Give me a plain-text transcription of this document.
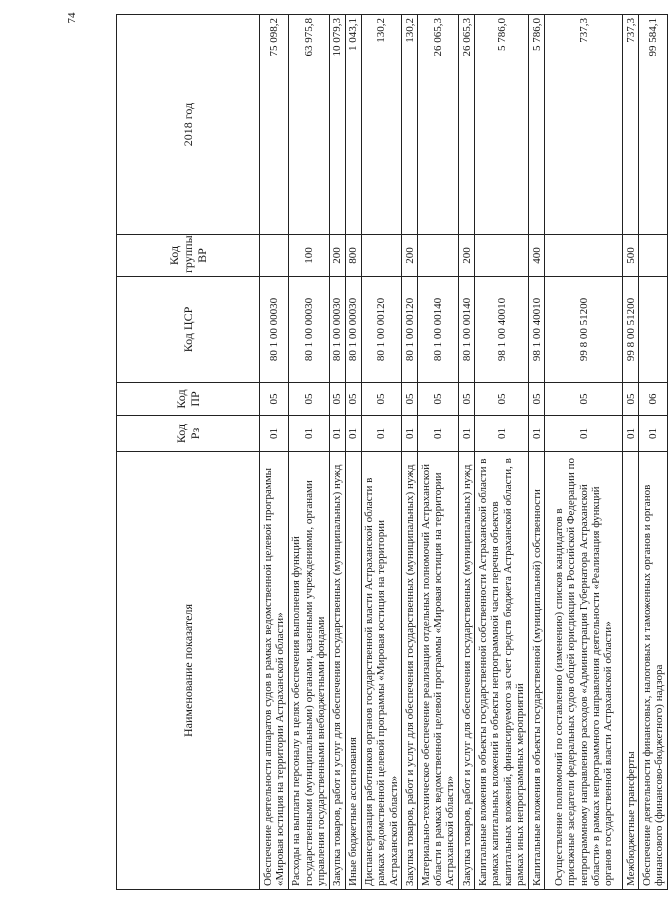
74
Наименование показателя	Код Рз	Код ПР	Код ЦСР	Код группы ВР	2018 год
Обеспечение деятельности аппаратов судов в рамках ведомственной целевой программы «Мировая юстиция на территории Астраханской области»	01	05	80 1 00 00030		75 098,2
Расходы на выплаты персоналу в целях обеспечения выполнения функций государственными (муниципальными) органами, казенными учреждениями, органами управления государственными внебюджетными фондами	01	05	80 1 00 00030	100	63 975,8
Закупка товаров, работ и услуг для обеспечения государственных (муниципальных) нужд	01	05	80 1 00 00030	200	10 079,3
Иные бюджетные ассигнования	01	05	80 1 00 00030	800	1 043,1
Диспансеризация работников органов государственной власти Астраханской области в рамках ведомственной целевой программы «Мировая юстиция на территории Астраханской области»	01	05	80 1 00 00120		130,2
Закупка товаров, работ и услуг для обеспечения государственных (муниципальных) нужд	01	05	80 1 00 00120	200	130,2
Материально-техническое обеспечение реализации отдельных полномочий Астраханской области в рамках ведомственной целевой программы «Мировая юстиция на территории Астраханской области»	01	05	80 1 00 00140		26 065,3
Закупка товаров, работ и услуг для обеспечения государственных (муниципальных) нужд	01	05	80 1 00 00140	200	26 065,3
Капитальные вложения в объекты государственной собственности Астраханской области в рамках капитальных вложений в объекты непрограммной части перечня объектов капитальных вложений, финансируемого за счет средств бюджета Астраханской области, в рамках иных непрограммных мероприятий	01	05	98 1 00 40010		5 786,0
Капитальные вложения в объекты государственной (муниципальной) собственности	01	05	98 1 00 40010	400	5 786,0
Осуществление полномочий по составлению (изменению) списков кандидатов в присяжные заседатели федеральных судов общей юрисдикции в Российской Федерации по непрограммному направлению расходов «Администрация Губернатора Астраханской области» в рамках непрограммного направления деятельности «Реализация функций органов государственной власти Астраханской области»	01	05	99 8 00 51200		737,3
Межбюджетные трансферты	01	05	99 8 00 51200	500	737,3
Обеспечение деятельности финансовых, налоговых и таможенных органов и органов финансового (финансово-бюджетного) надзора	01	06			99 584,1
